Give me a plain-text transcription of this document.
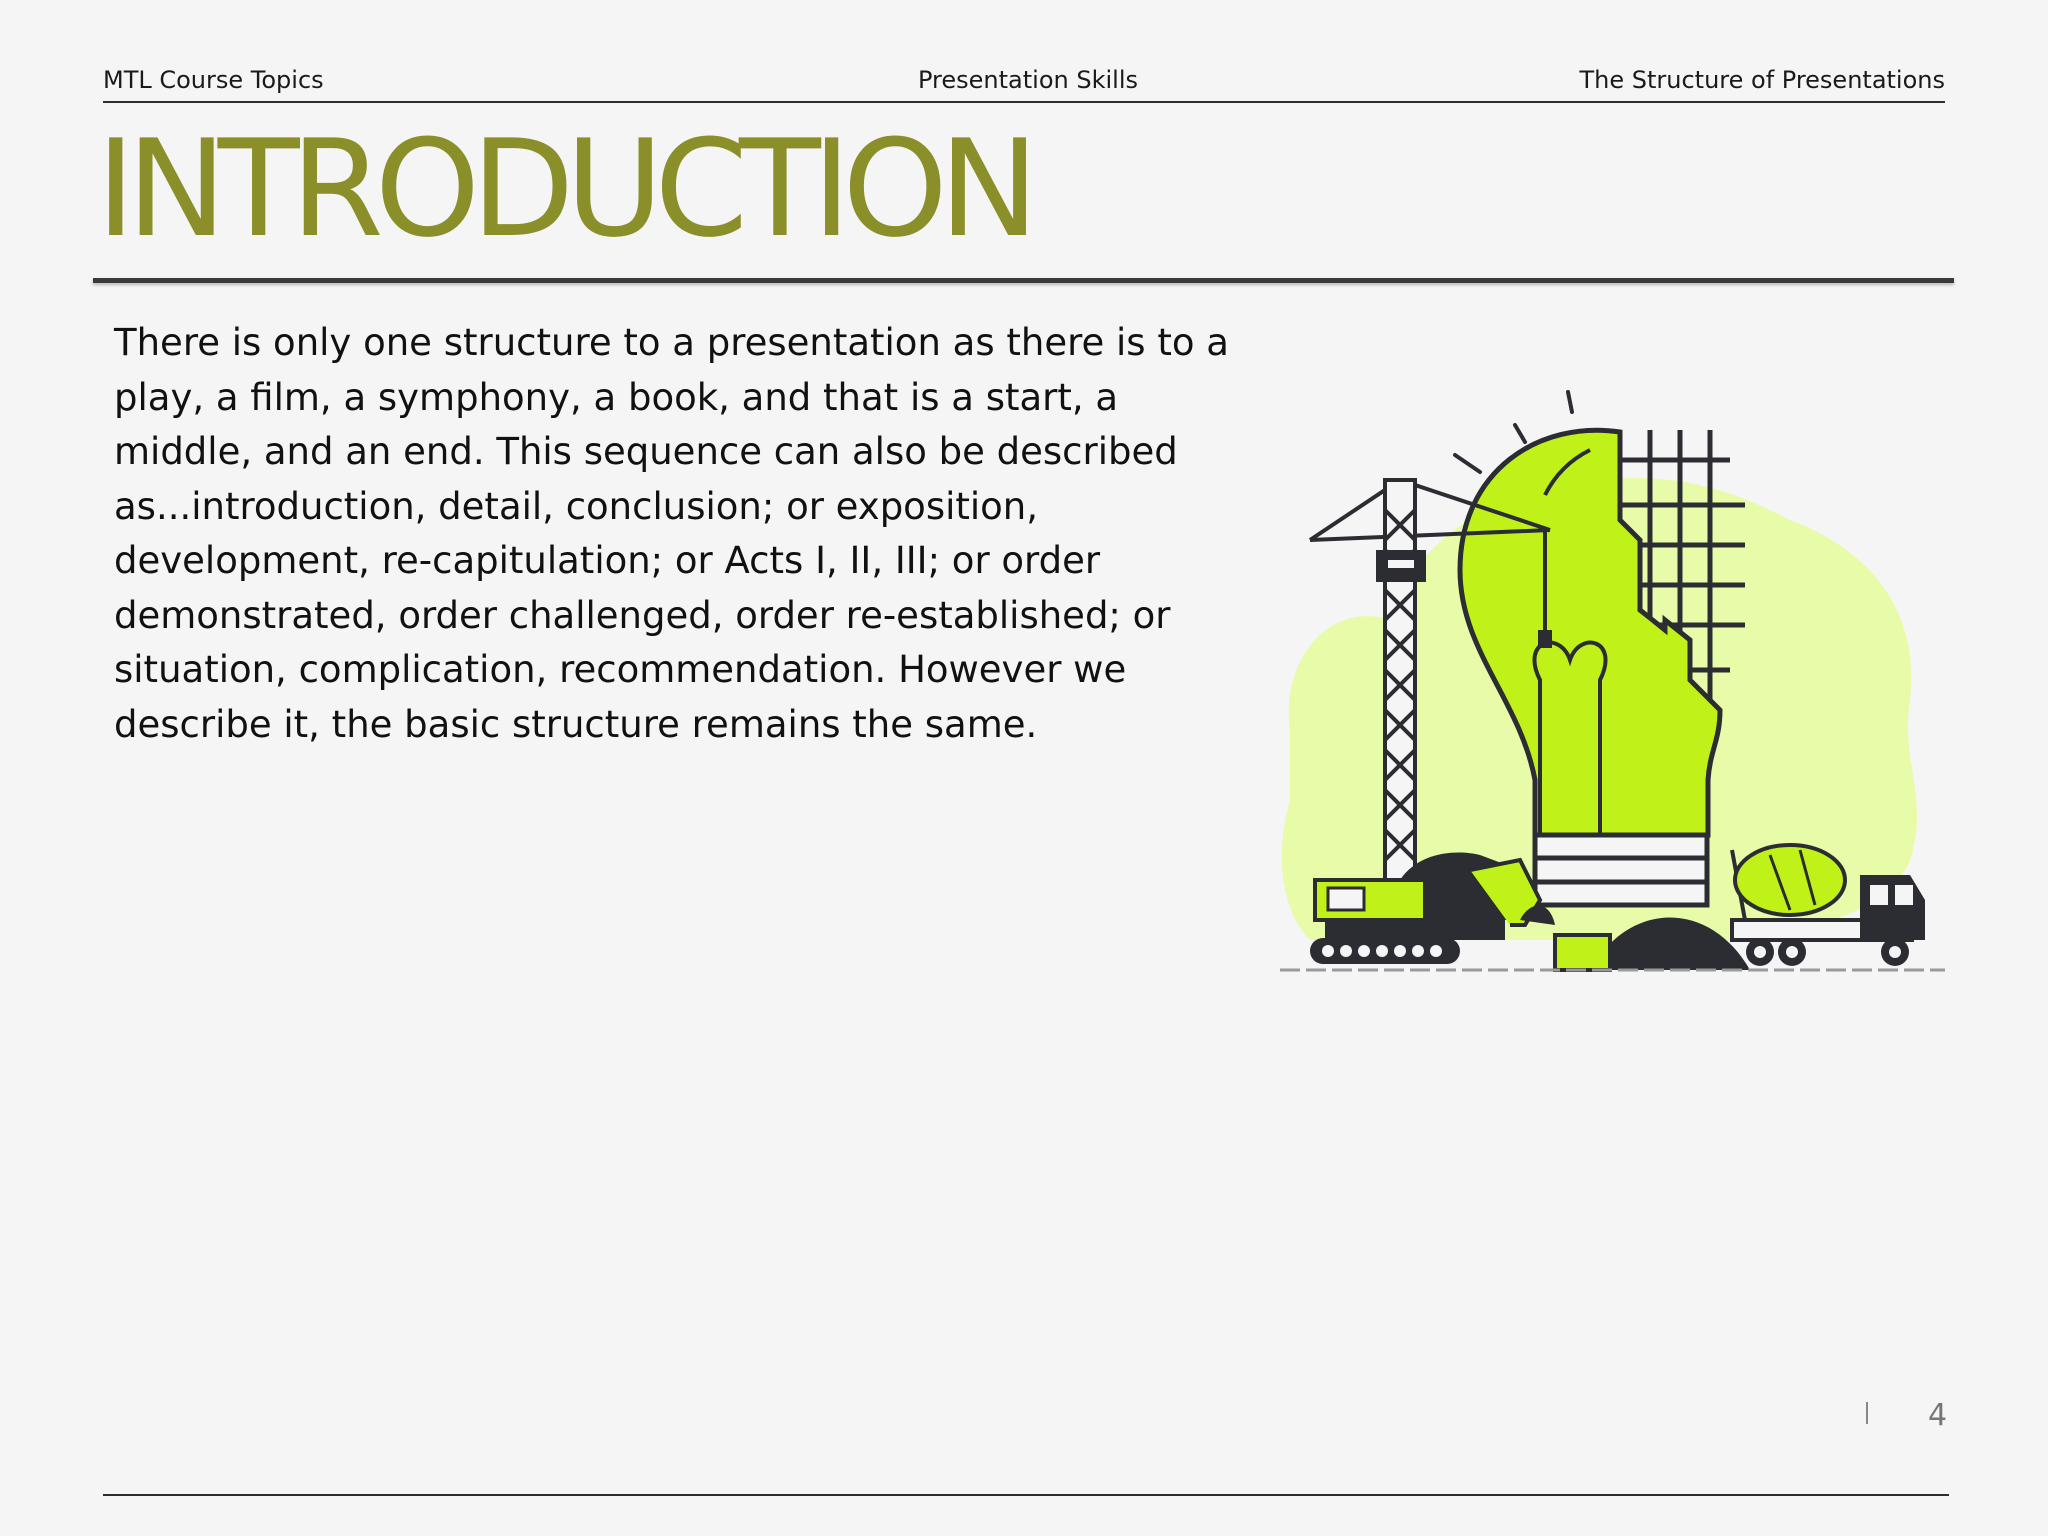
MTL Course Topics	Presentation Skills	The Structure of Presentations
INTRODUCTION
There is only one structure to a presentation as there is to a play, a film, a symphony, a book, and that is a start, a middle, and an end. This sequence can also be described as...introduction, detail, conclusion; or exposition, development, re-capitulation; or Acts I, II, III; or order demonstrated, order challenged, order re-established; or situation, complication, recommendation. However we describe it, the basic structure remains the same.
4
